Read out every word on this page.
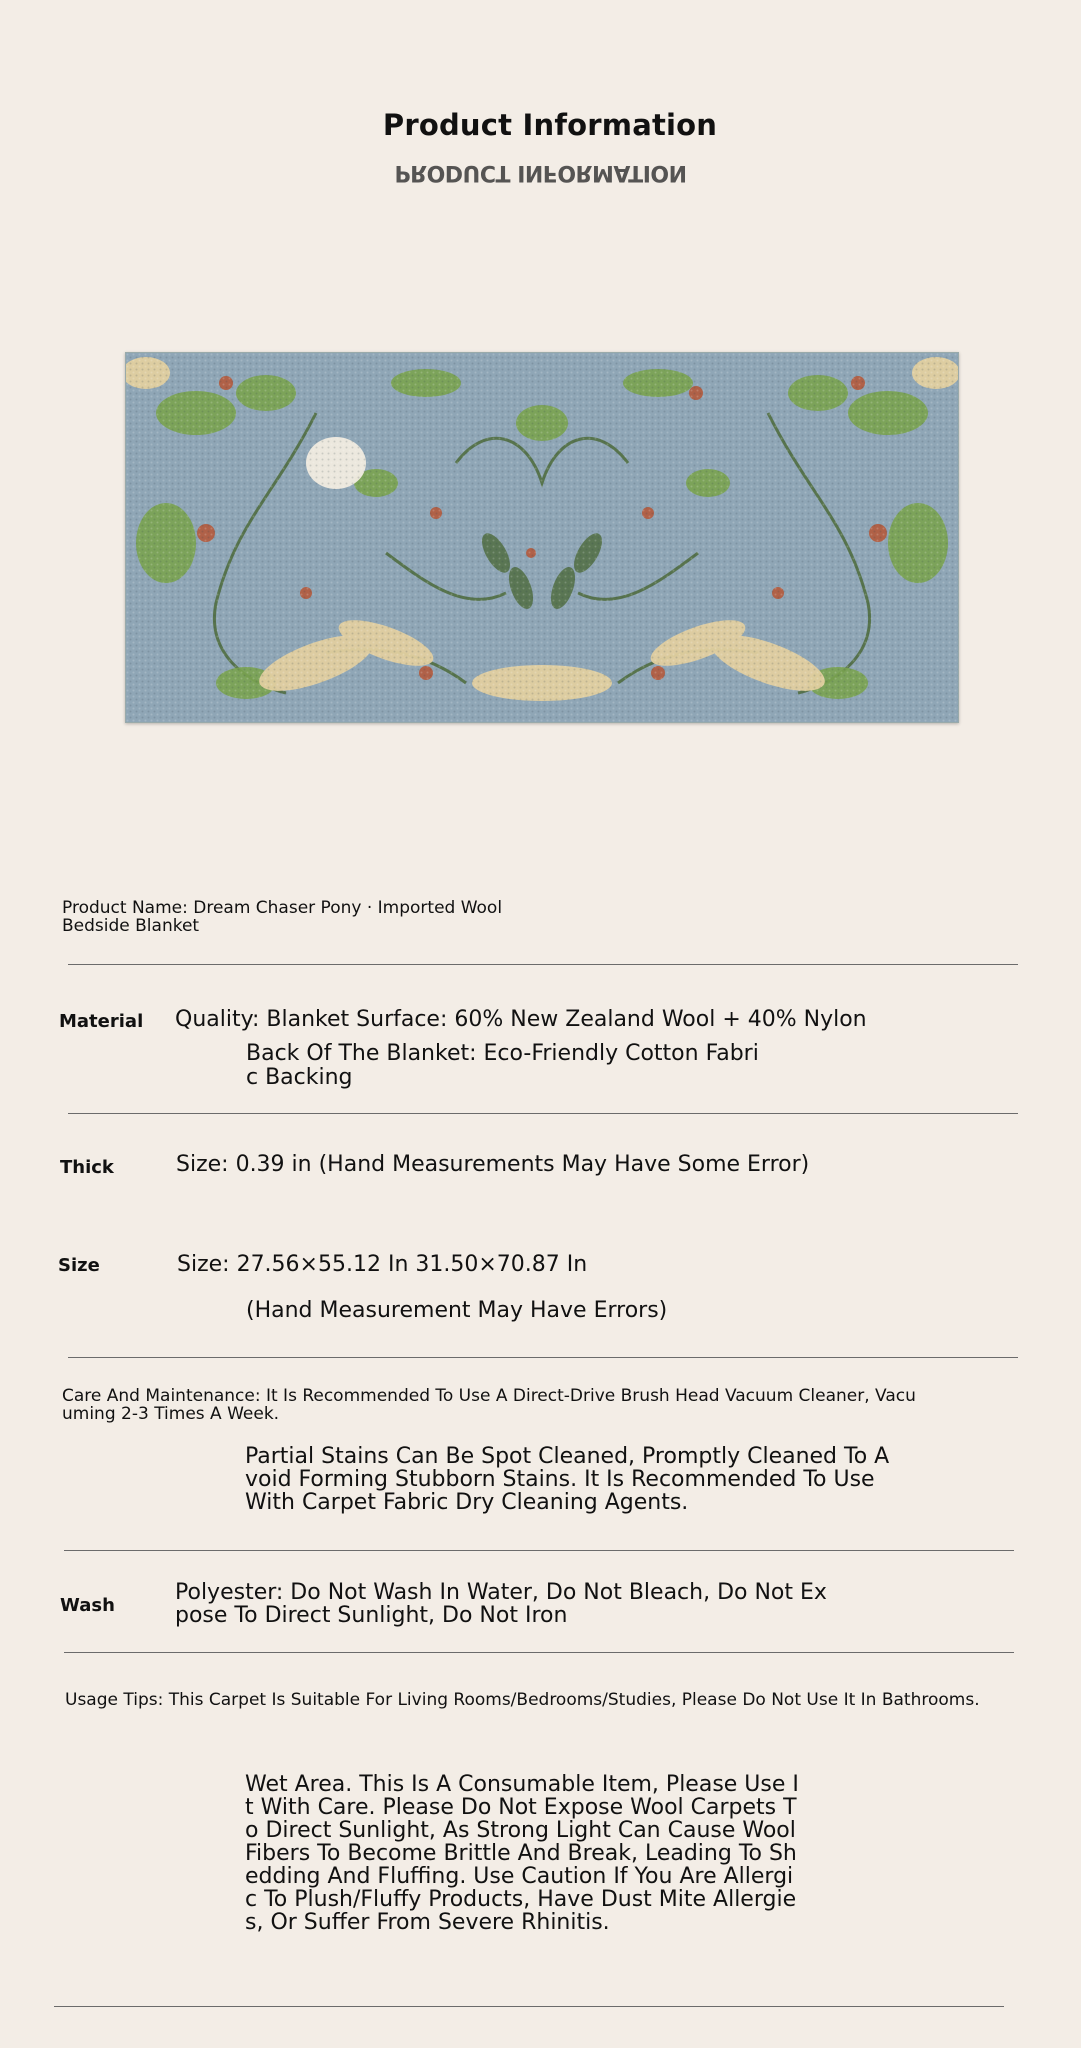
Product Information
PRODUCT INFORMATION
Product Name: Dream Chaser Pony · Imported Wool
Bedside Blanket
Material Quality: Blanket Surface: 60% New Zealand Wool + 40% Nylon
Back Of The Blanket: Eco-Friendly Cotton Fabri
c Backing
Thick	Size: 0.39 in (Hand Measurements May Have Some Error)
Size	Size: 27.56×55.12 In 31.50×70.87 In
(Hand Measurement May Have Errors)
Care And Maintenance: It Is Recommended To Use A Direct-Drive Brush Head Vacuum Cleaner, Vacu
uming 2-3 Times A Week.
Partial Stains Can Be Spot Cleaned, Promptly Cleaned To A
void Forming Stubborn Stains. It Is Recommended To Use
With Carpet Fabric Dry Cleaning Agents.
Wash
Polyester: Do Not Wash In Water, Do Not Bleach, Do Not Ex
pose To Direct Sunlight, Do Not Iron
Usage Tips: This Carpet Is Suitable For Living Rooms/Bedrooms/Studies, Please Do Not Use It In Bathrooms.
Wet Area. This Is A Consumable Item, Please Use I
t With Care. Please Do Not Expose Wool Carpets T
o Direct Sunlight, As Strong Light Can Cause Wool
Fibers To Become Brittle And Break, Leading To Sh
edding And Fluffing. Use Caution If You Are Allergi
c To Plush/Fluffy Products, Have Dust Mite Allergie
s, Or Suffer From Severe Rhinitis.
